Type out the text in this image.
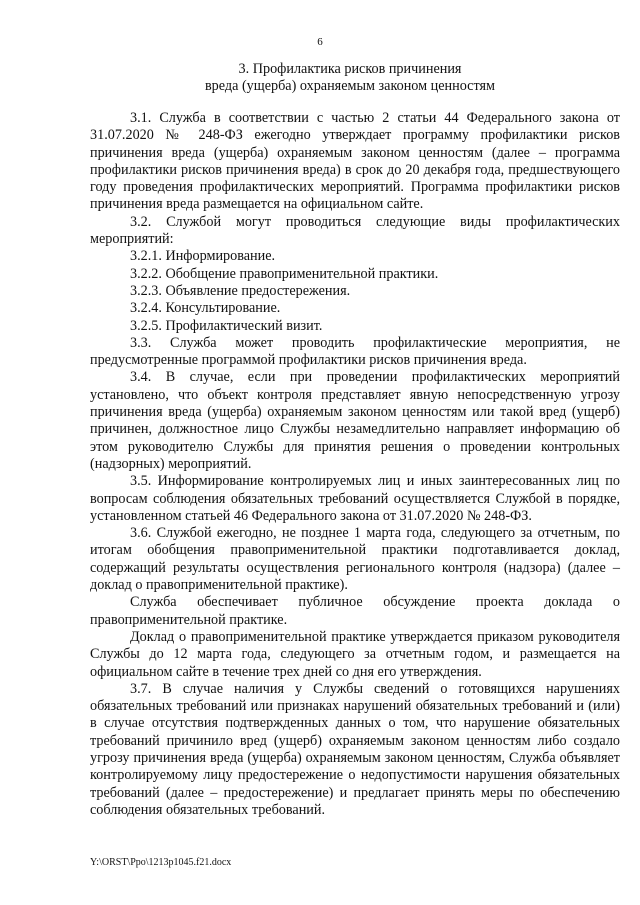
6
3. Профилактика рисков причинения
вреда (ущерба) охраняемым законом ценностям

3.1. Служба в соответствии с частью 2 статьи 44 Федерального закона от 31.07.2020 № 248-ФЗ ежегодно утверждает программу профилактики рисков причинения вреда (ущерба) охраняемым законом ценностям (далее – программа профилактики рисков причинения вреда) в срок до 20 декабря года, предшествующего году проведения профилактических мероприятий. Программа профилактики рисков причинения вреда размещается на официальном сайте.

3.2. Службой могут проводиться следующие виды профилактических мероприятий:

3.2.1. Информирование.

3.2.2. Обобщение правоприменительной практики.

3.2.3. Объявление предостережения.

3.2.4. Консультирование.

3.2.5. Профилактический визит.

3.3. Служба может проводить профилактические мероприятия, не предусмотренные программой профилактики рисков причинения вреда.

3.4. В случае, если при проведении профилактических мероприятий установлено, что объект контроля представляет явную непосредственную угрозу причинения вреда (ущерба) охраняемым законом ценностям или такой вред (ущерб) причинен, должностное лицо Службы незамедлительно направляет информацию об этом руководителю Службы для принятия решения о проведении контрольных (надзорных) мероприятий.

3.5. Информирование контролируемых лиц и иных заинтересованных лиц по вопросам соблюдения обязательных требований осуществляется Службой в порядке, установленном статьей 46 Федерального закона от 31.07.2020 № 248-ФЗ.

3.6. Службой ежегодно, не позднее 1 марта года, следующего за отчетным, по итогам обобщения правоприменительной практики подготавливается доклад, содержащий результаты осуществления регионального контроля (надзора) (далее – доклад о правоприменительной практике).

Служба обеспечивает публичное обсуждение проекта доклада о правоприменительной практике.

Доклад о правоприменительной практике утверждается приказом руководителя Службы до 12 марта года, следующего за отчетным годом, и размещается на официальном сайте в течение трех дней со дня его утверждения.

3.7. В случае наличия у Службы сведений о готовящихся нарушениях обязательных требований или признаках нарушений обязательных требований и (или) в случае отсутствия подтвержденных данных о том, что нарушение обязательных требований причинило вред (ущерб) охраняемым законом ценностям либо создало угрозу причинения вреда (ущерба) охраняемым законом ценностям, Служба объявляет контролируемому лицу предостережение о недопустимости нарушения обязательных требований (далее – предостережение) и предлагает принять меры по обеспечению соблюдения обязательных требований.

Y:\ORST\Ppo\1213p1045.f21.docx
